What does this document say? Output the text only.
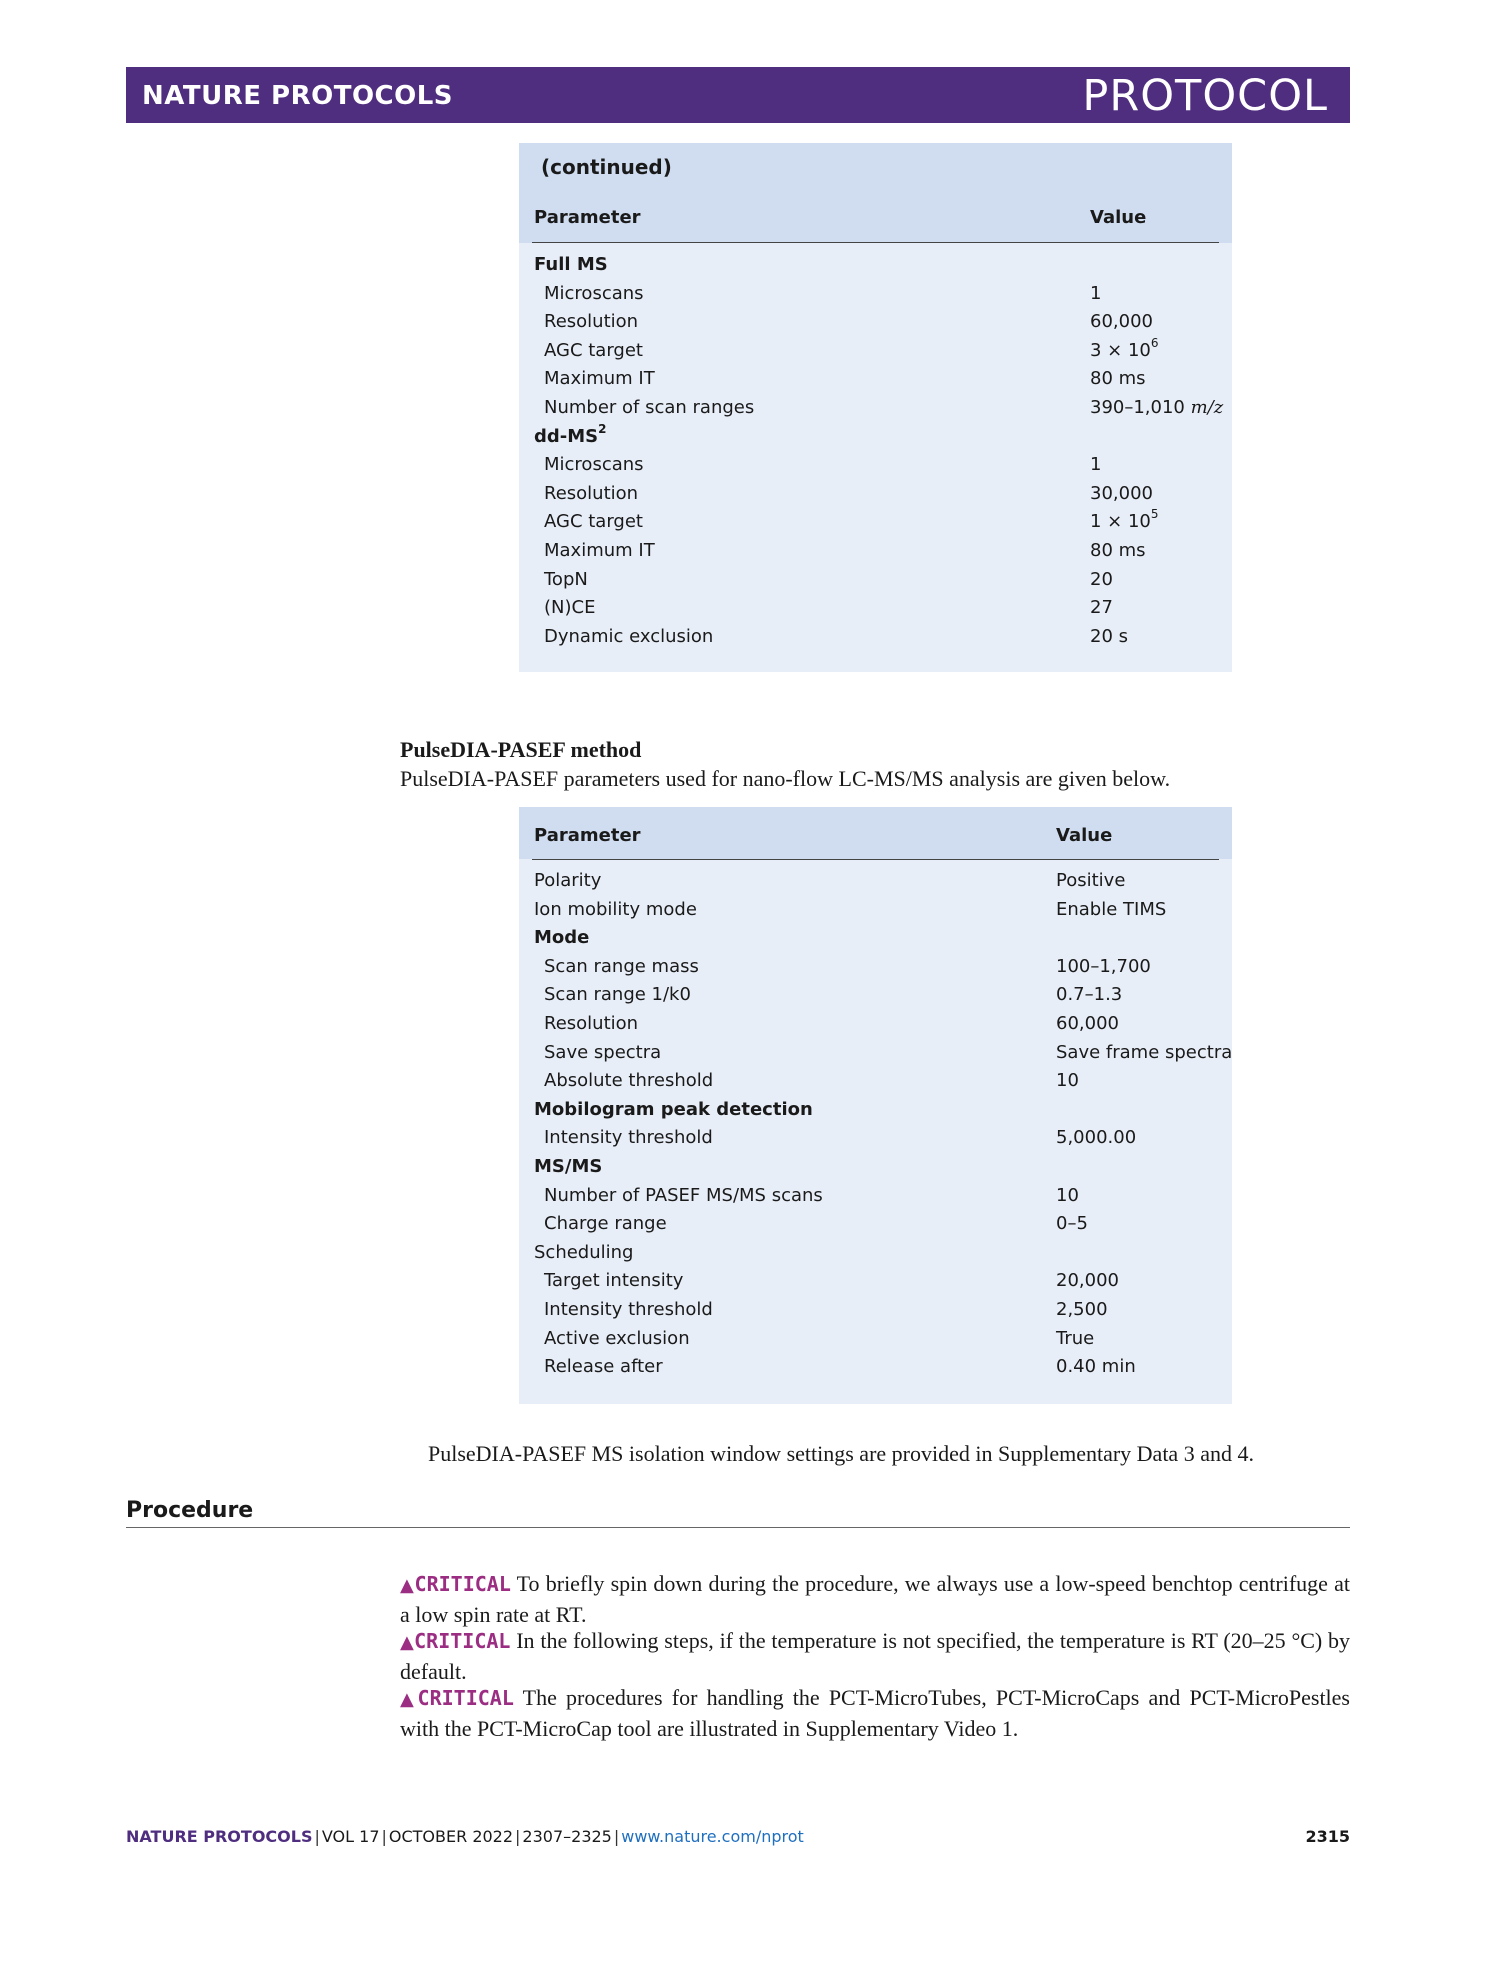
NATURE PROTOCOLS	PROTOCOL
(continued)
Parameter	Value
Full MS
Microscans	1
Resolution	60,000
AGC target	$3 \times 10^6$
Maximum IT	80 ms
Number of scan ranges	390–1,010 m/z
$dd-MS^2$
Microscans	1
Resolution	30,000
AGC target	$1 \times 10^5$
Maximum IT	80 ms
TopN	20
(N)CE	27
Dynamic exclusion	20 s
PulseDIA-PASEF method
PulseDIA-PASEF parameters used for nano-flow LC-MS/MS analysis are given below.
Parameter	Value
Polarity	Positive
Ion mobility mode	Enable TIMS
Mode
Scan range mass	100–1,700
Scan range 1/k0	0.7–1.3
Resolution	60,000
Save spectra	Save frame spectra
Absolute threshold	10
Mobilogram peak detection
Intensity threshold	5,000.00
MS/MS
Number of PASEF MS/MS scans	10
Charge range	0–5
Scheduling
Target intensity	20,000
Intensity threshold	2,500
Active exclusion	True
Release after	0.40 min
PulseDIA-PASEF MS isolation window settings are provided in Supplementary Data 3 and 4.
Procedure
▲CRITICAL To briefly spin down during the procedure, we always use a low-speed benchtop centrifuge at a low spin rate at RT.
▲CRITICAL In the following steps, if the temperature is not specified, the temperature is RT (20–25 °C) by default.
▲CRITICAL The procedures for handling the PCT-MicroTubes, PCT-MicroCaps and PCT-MicroPestles with the PCT-MicroCap tool are illustrated in Supplementary Video 1.
NATURE PROTOCOLS | VOL 17 | OCTOBER 2022 | 2307–2325 | www.nature.com/nprot	2315
